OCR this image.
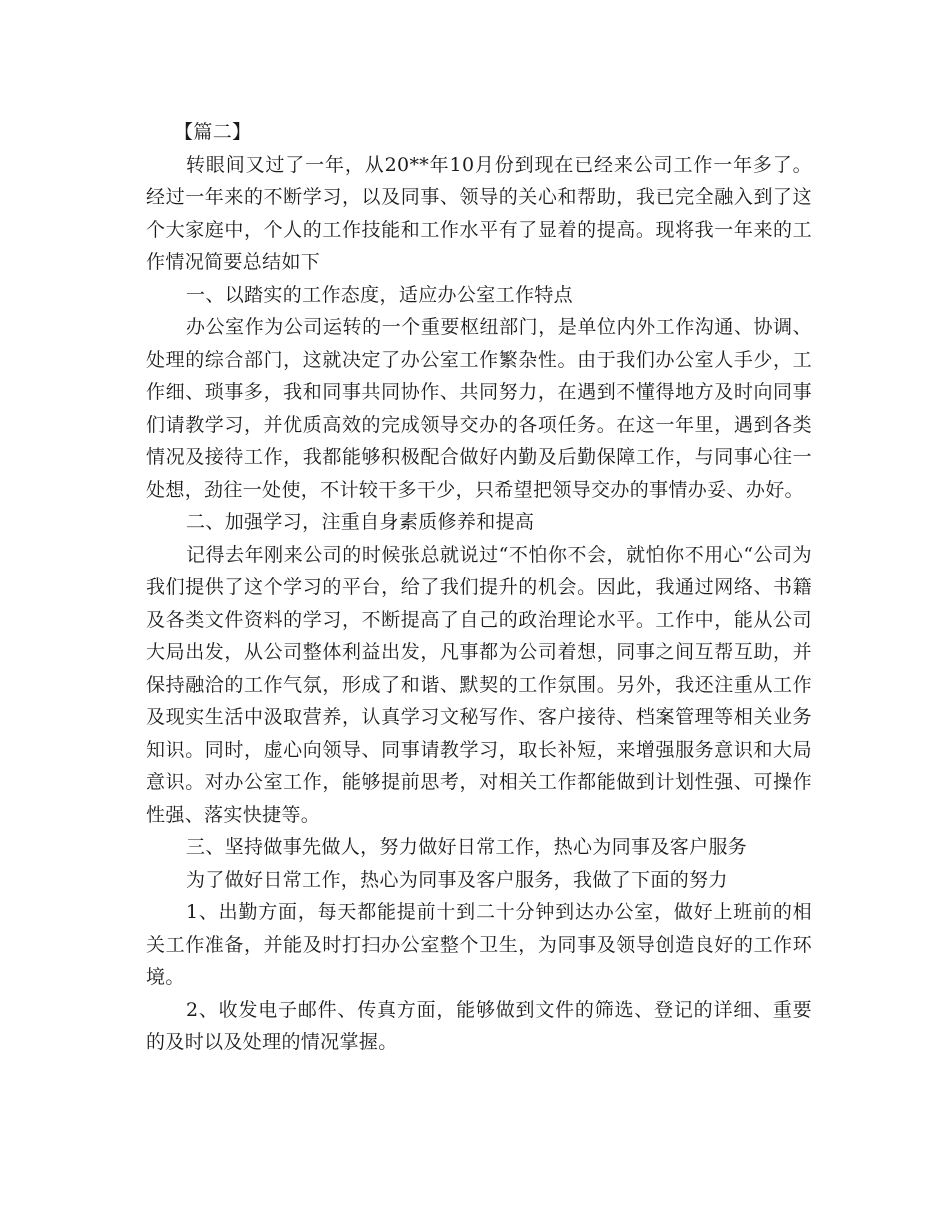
【篇二】

转眼间又过了一年，从20**年10月份到现在已经来公司工作一年多了。经过一年来的不断学习，以及同事、领导的关心和帮助，我已完全融入到了这个大家庭中，个人的工作技能和工作水平有了显着的提高。现将我一年来的工作情况简要总结如下

一、以踏实的工作态度，适应办公室工作特点

办公室作为公司运转的一个重要枢纽部门，是单位内外工作沟通、协调、处理的综合部门，这就决定了办公室工作繁杂性。由于我们办公室人手少，工作细、琐事多，我和同事共同协作、共同努力，在遇到不懂得地方及时向同事们请教学习，并优质高效的完成领导交办的各项任务。在这一年里，遇到各类情况及接待工作，我都能够积极配合做好内勤及后勤保障工作，与同事心往一处想，劲往一处使，不计较干多干少，只希望把领导交办的事情办妥、办好。

二、加强学习，注重自身素质修养和提高

记得去年刚来公司的时候张总就说过“不怕你不会，就怕你不用心“公司为我们提供了这个学习的平台，给了我们提升的机会。因此，我通过网络、书籍及各类文件资料的学习，不断提高了自己的政治理论水平。工作中，能从公司大局出发，从公司整体利益出发，凡事都为公司着想，同事之间互帮互助，并保持融洽的工作气氛，形成了和谐、默契的工作氛围。另外，我还注重从工作及现实生活中汲取营养，认真学习文秘写作、客户接待、档案管理等相关业务知识。同时，虚心向领导、同事请教学习，取长补短，来增强服务意识和大局意识。对办公室工作，能够提前思考，对相关工作都能做到计划性强、可操作性强、落实快捷等。

三、坚持做事先做人，努力做好日常工作，热心为同事及客户服务

为了做好日常工作，热心为同事及客户服务，我做了下面的努力

1、出勤方面，每天都能提前十到二十分钟到达办公室，做好上班前的相关工作准备，并能及时打扫办公室整个卫生，为同事及领导创造良好的工作环境。

2、收发电子邮件、传真方面，能够做到文件的筛选、登记的详细、重要的及时以及处理的情况掌握。
